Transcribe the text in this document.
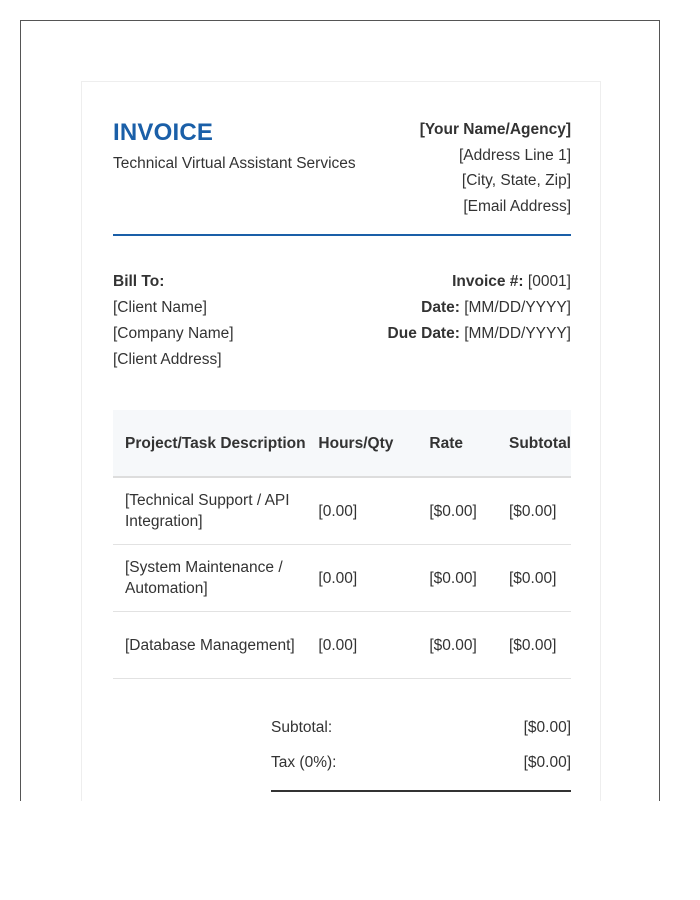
INVOICE
Technical Virtual Assistant Services
[Your Name/Agency]
[Address Line 1]
[City, State, Zip]
[Email Address]
Bill To:
[Client Name]
[Company Name]
[Client Address]
Invoice #: [0001]
Date: [MM/DD/YYYY]
Due Date: [MM/DD/YYYY]
Project/Task Description	Hours/Qty	Rate	Subtotal
[Technical Support / API Integration]	[0.00]	[$0.00]	[$0.00]
[System Maintenance / Automation]	[0.00]	[$0.00]	[$0.00]
[Database Management]	[0.00]	[$0.00]	[$0.00]
Subtotal:	[$0.00]
Tax (0%):	[$0.00]
